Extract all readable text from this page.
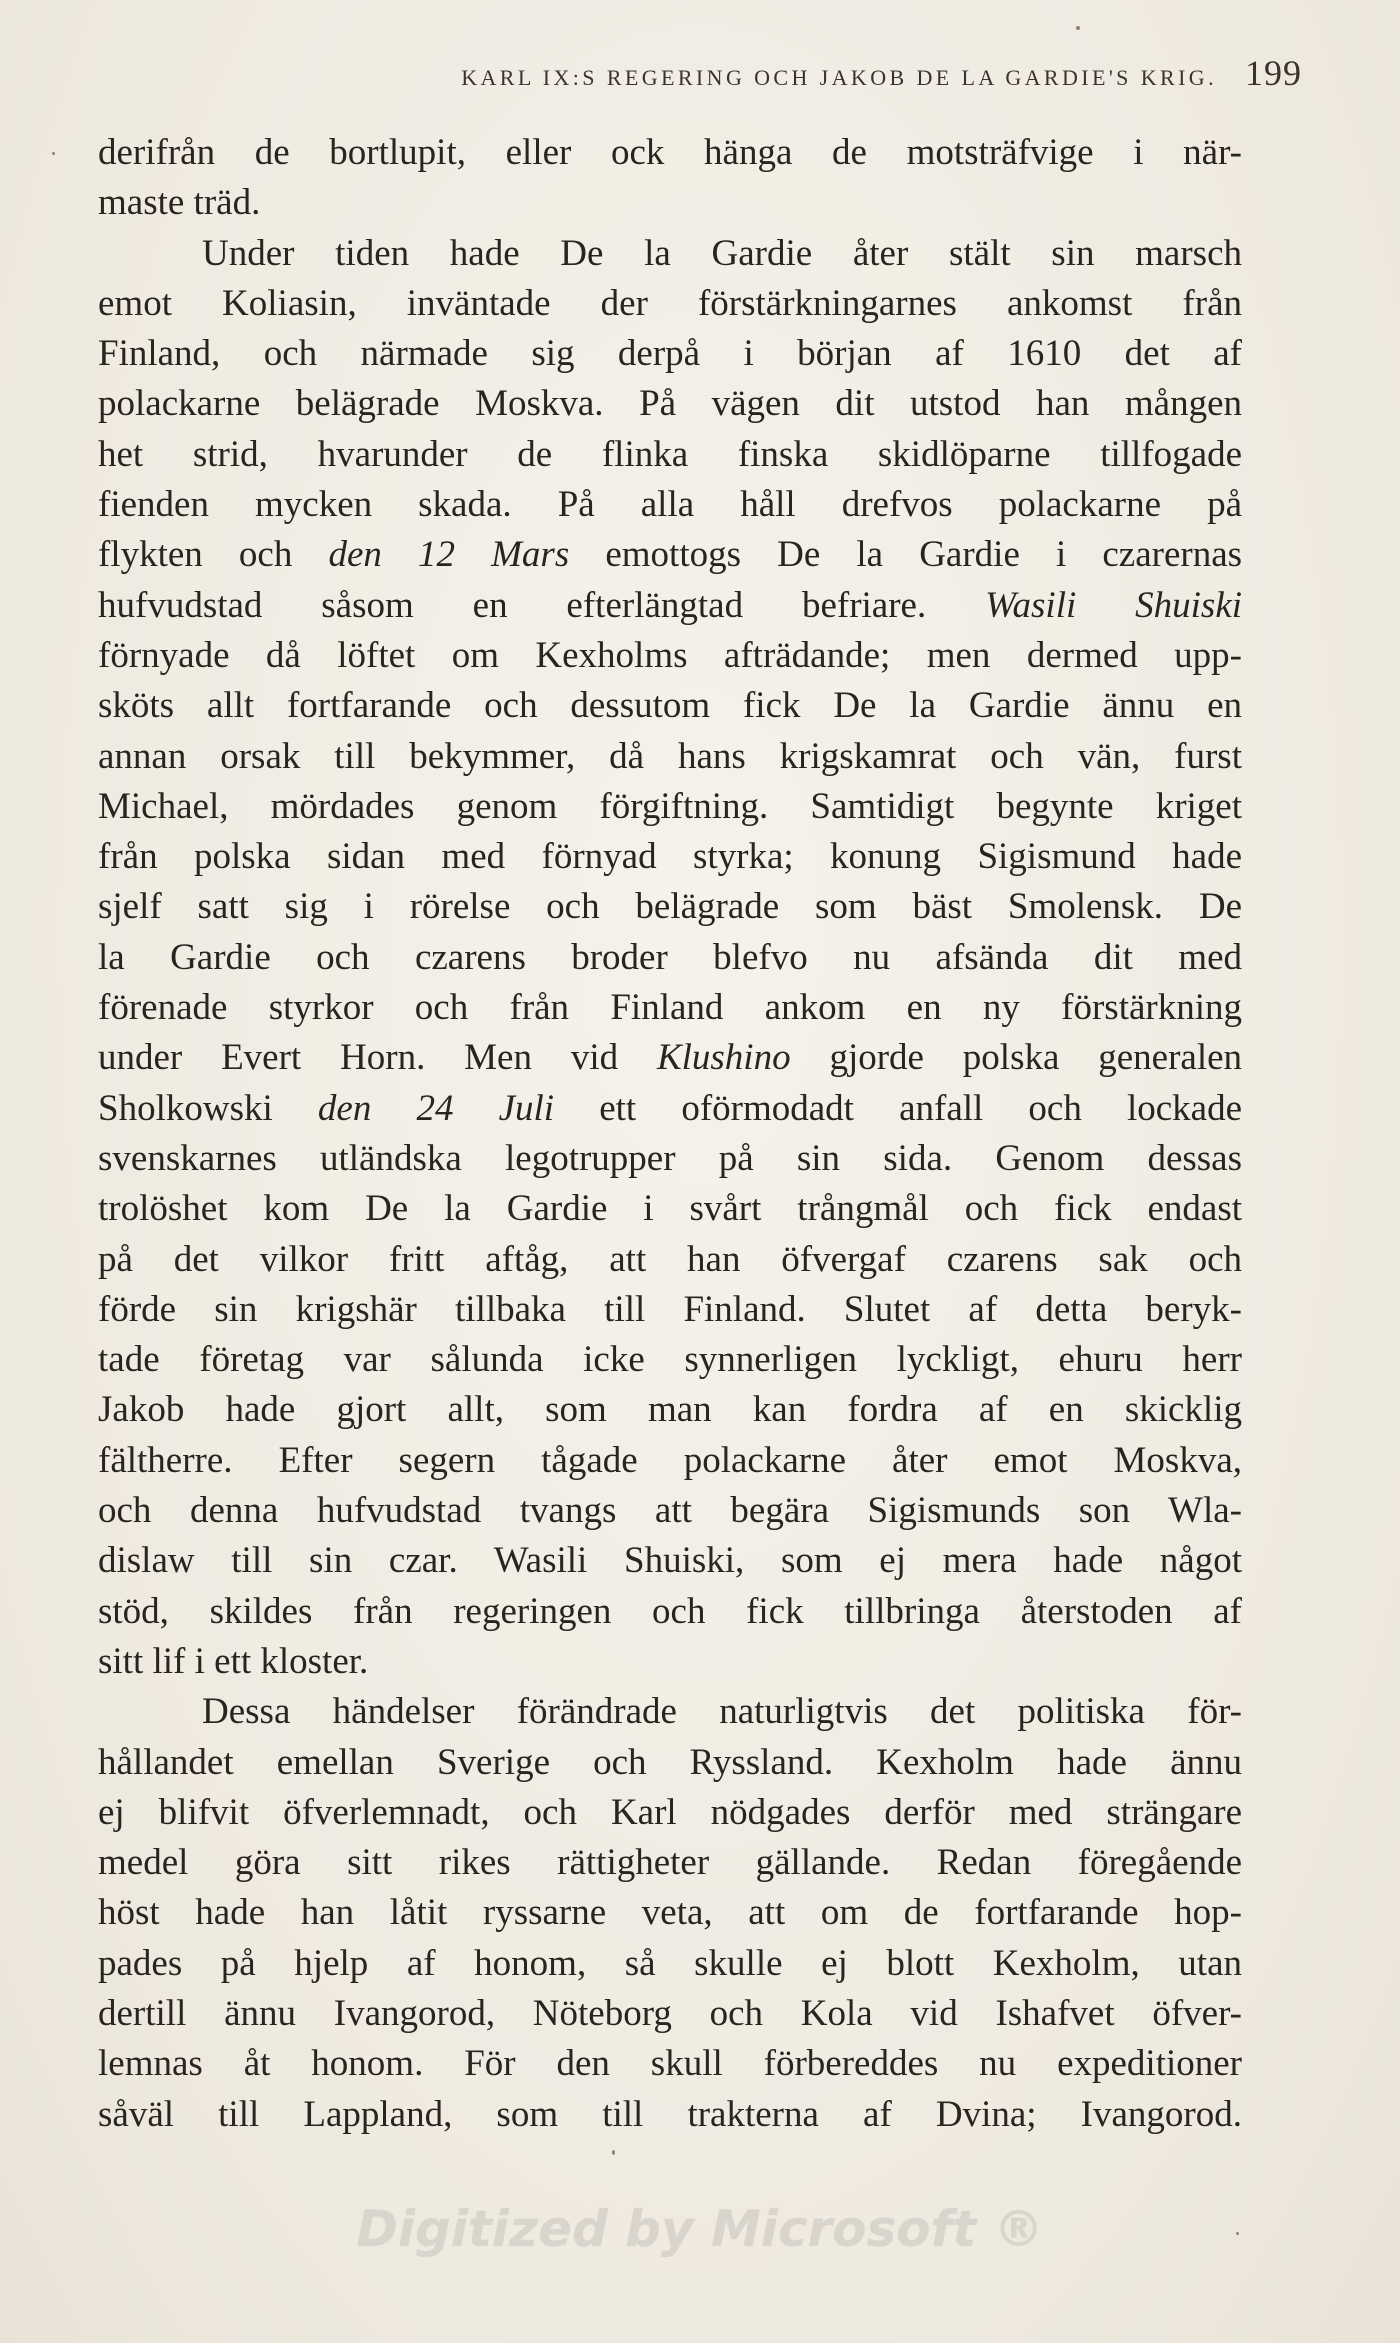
KARL IX:S REGERING OCH JAKOB DE LA GARDIE'S KRIG. 199
derifrån de bortlupit, eller ock hänga de motsträfvige i när-
maste träd.
Under tiden hade De la Gardie åter stält sin marsch
emot Koliasin, inväntade der förstärkningarnes ankomst från
Finland, och närmade sig derpå i början af 1610 det af
polackarne belägrade Moskva. På vägen dit utstod han mången
het strid, hvarunder de flinka finska skidlöparne tillfogade
fienden mycken skada. På alla håll drefvos polackarne på
flykten och den 12 Mars emottogs De la Gardie i czarernas
hufvudstad såsom en efterlängtad befriare. Wasili Shuiski
förnyade då löftet om Kexholms afträdande; men dermed upp-
sköts allt fortfarande och dessutom fick De la Gardie ännu en
annan orsak till bekymmer, då hans krigskamrat och vän, furst
Michael, mördades genom förgiftning. Samtidigt begynte kriget
från polska sidan med förnyad styrka; konung Sigismund hade
sjelf satt sig i rörelse och belägrade som bäst Smolensk. De
la Gardie och czarens broder blefvo nu afsända dit med
förenade styrkor och från Finland ankom en ny förstärkning
under Evert Horn. Men vid Klushino gjorde polska generalen
Sholkowski den 24 Juli ett oförmodadt anfall och lockade
svenskarnes utländska legotrupper på sin sida. Genom dessas
trolöshet kom De la Gardie i svårt trångmål och fick endast
på det vilkor fritt aftåg, att han öfvergaf czarens sak och
förde sin krigshär tillbaka till Finland. Slutet af detta beryk-
tade företag var sålunda icke synnerligen lyckligt, ehuru herr
Jakob hade gjort allt, som man kan fordra af en skicklig
fältherre. Efter segern tågade polackarne åter emot Moskva,
och denna hufvudstad tvangs att begära Sigismunds son Wla-
dislaw till sin czar. Wasili Shuiski, som ej mera hade något
stöd, skildes från regeringen och fick tillbringa återstoden af
sitt lif i ett kloster.
Dessa händelser förändrade naturligtvis det politiska för-
hållandet emellan Sverige och Ryssland. Kexholm hade ännu
ej blifvit öfverlemnadt, och Karl nödgades derför med strängare
medel göra sitt rikes rättigheter gällande. Redan föregående
höst hade han låtit ryssarne veta, att om de fortfarande hop-
pades på hjelp af honom, så skulle ej blott Kexholm, utan
dertill ännu Ivangorod, Nöteborg och Kola vid Ishafvet öfver-
lemnas åt honom. För den skull förbereddes nu expeditioner
såväl till Lappland, som till trakterna af Dvina; Ivangorod.
Digitized by Microsoft ®
